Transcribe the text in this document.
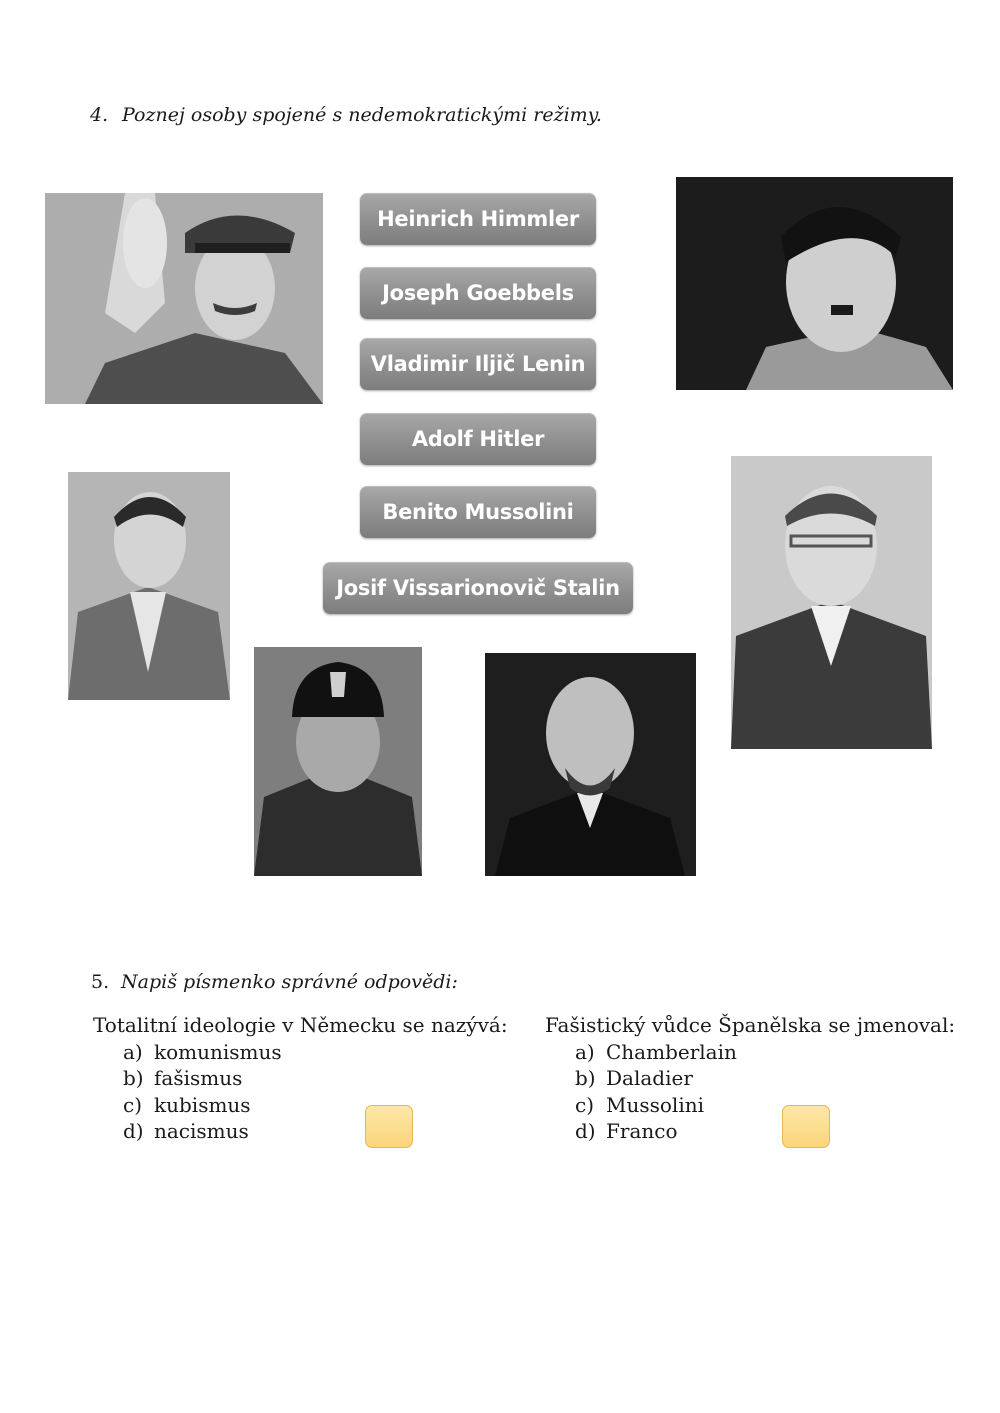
4. Poznej osoby spojené s nedemokratickými režimy.
Heinrich Himmler
Joseph Goebbels
Vladimir Iljič Lenin
Adolf Hitler
Benito Mussolini
Josif Vissarionovič Stalin
5. Napiš písmenko správné odpovědi:
Totalitní ideologie v Německu se nazývá:
a) komunismus
b) fašismus
c) kubismus
d) nacismus
Fašistický vůdce Španělska se jmenoval:
a) Chamberlain
b) Daladier
c) Mussolini
d) Franco
